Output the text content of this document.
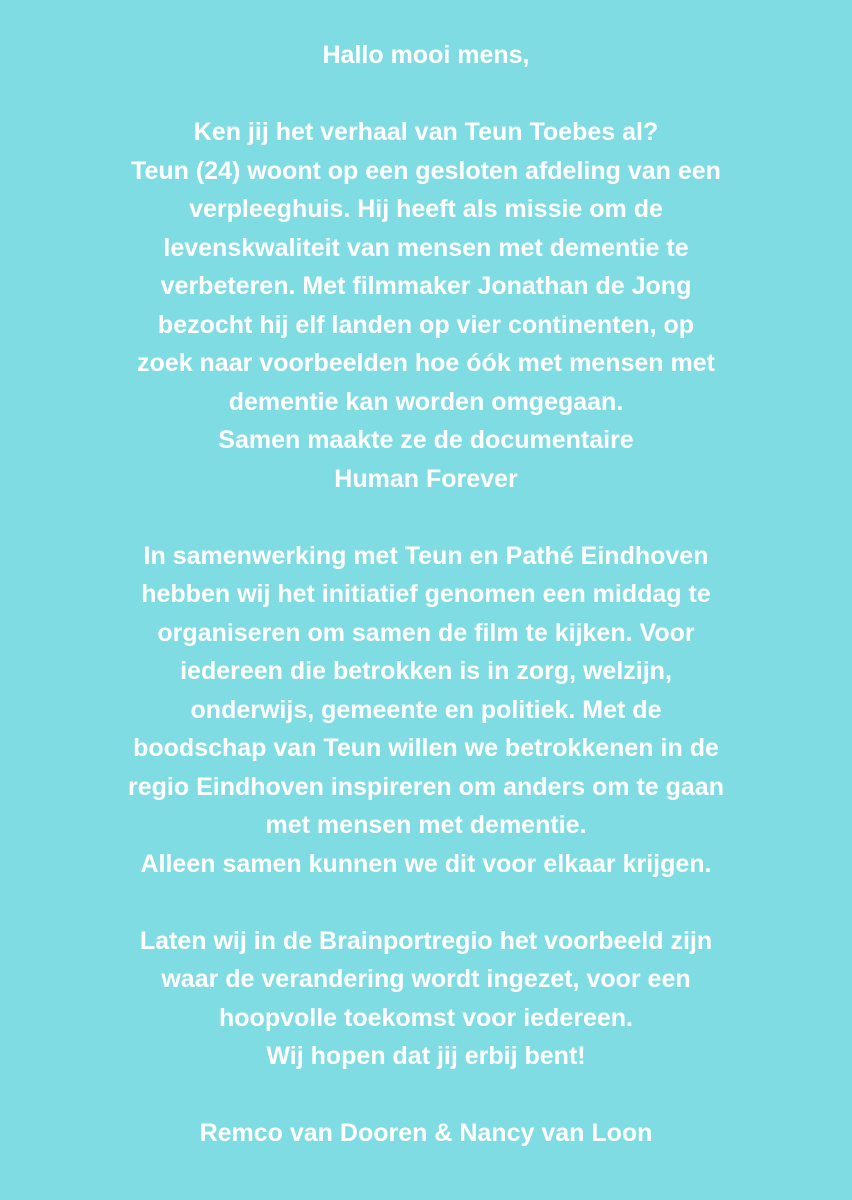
Hallo mooi mens,
Ken jij het verhaal van Teun Toebes al?
Teun (24) woont op een gesloten afdeling van een
verpleeghuis. Hij heeft als missie om de
levenskwaliteit van mensen met dementie te
verbeteren. Met filmmaker Jonathan de Jong
bezocht hij elf landen op vier continenten, op
zoek naar voorbeelden hoe óók met mensen met
dementie kan worden omgegaan.
Samen maakte ze de documentaire
Human Forever
In samenwerking met Teun en Pathé Eindhoven
hebben wij het initiatief genomen een middag te
organiseren om samen de film te kijken. Voor
iedereen die betrokken is in zorg, welzijn,
onderwijs, gemeente en politiek. Met de
boodschap van Teun willen we betrokkenen in de
regio Eindhoven inspireren om anders om te gaan
met mensen met dementie.
Alleen samen kunnen we dit voor elkaar krijgen.
Laten wij in de Brainportregio het voorbeeld zijn
waar de verandering wordt ingezet, voor een
hoopvolle toekomst voor iedereen.
Wij hopen dat jij erbij bent!
Remco van Dooren & Nancy van Loon
